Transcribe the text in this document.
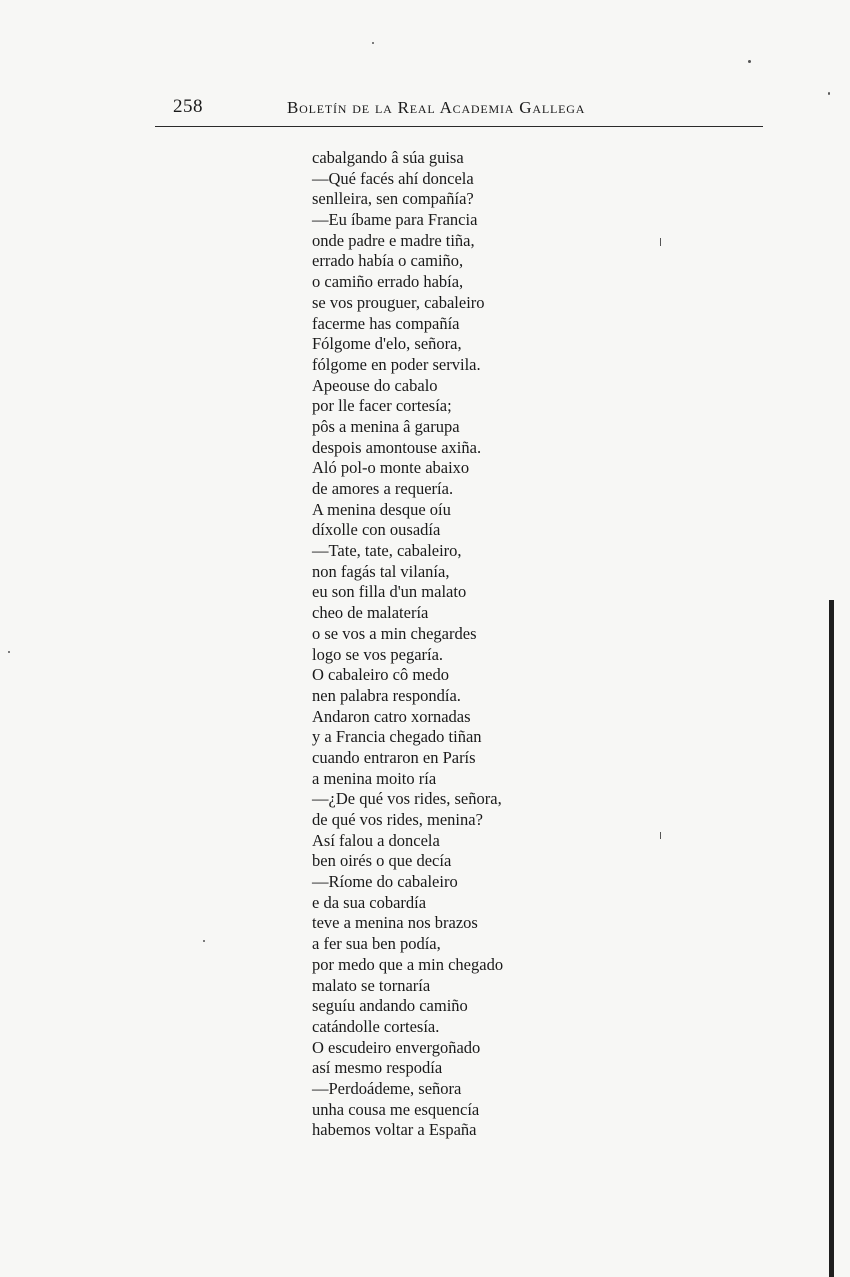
258	Boletín de la Real Academia Gallega
cabalgando â súa guisa
—Qué facés ahí doncela
senlleira, sen compañía?
—Eu íbame para Francia
onde padre e madre tiña,
errado había o camiño,
o camiño errado había,
se vos prouguer, cabaleiro
facerme has compañía
Fólgome d'elo, señora,
fólgome en poder servila.
Apeouse do cabalo
por lle facer cortesía;
pôs a menina â garupa
despois amontouse axiña.
Aló pol-o monte abaixo
de amores a requería.
A menina desque oíu
díxolle con ousadía
—Tate, tate, cabaleiro,
non fagás tal vilanía,
eu son filla d'un malato
cheo de malatería
o se vos a min chegardes
logo se vos pegaría.
O cabaleiro cô medo
nen palabra respondía.
Andaron catro xornadas
y a Francia chegado tiñan
cuando entraron en París
a menina moito ría
—¿De qué vos rides, señora,
de qué vos rides, menina?
Así falou a doncela
ben oirés o que decía
—Ríome do cabaleiro
e da sua cobardía
teve a menina nos brazos
a fer sua ben podía,
por medo que a min chegado
malato se tornaría
seguíu andando camiño
catándolle cortesía.
O escudeiro envergoñado
así mesmo respodía
—Perdoádeme, señora
unha cousa me esquencía
habemos voltar a España
